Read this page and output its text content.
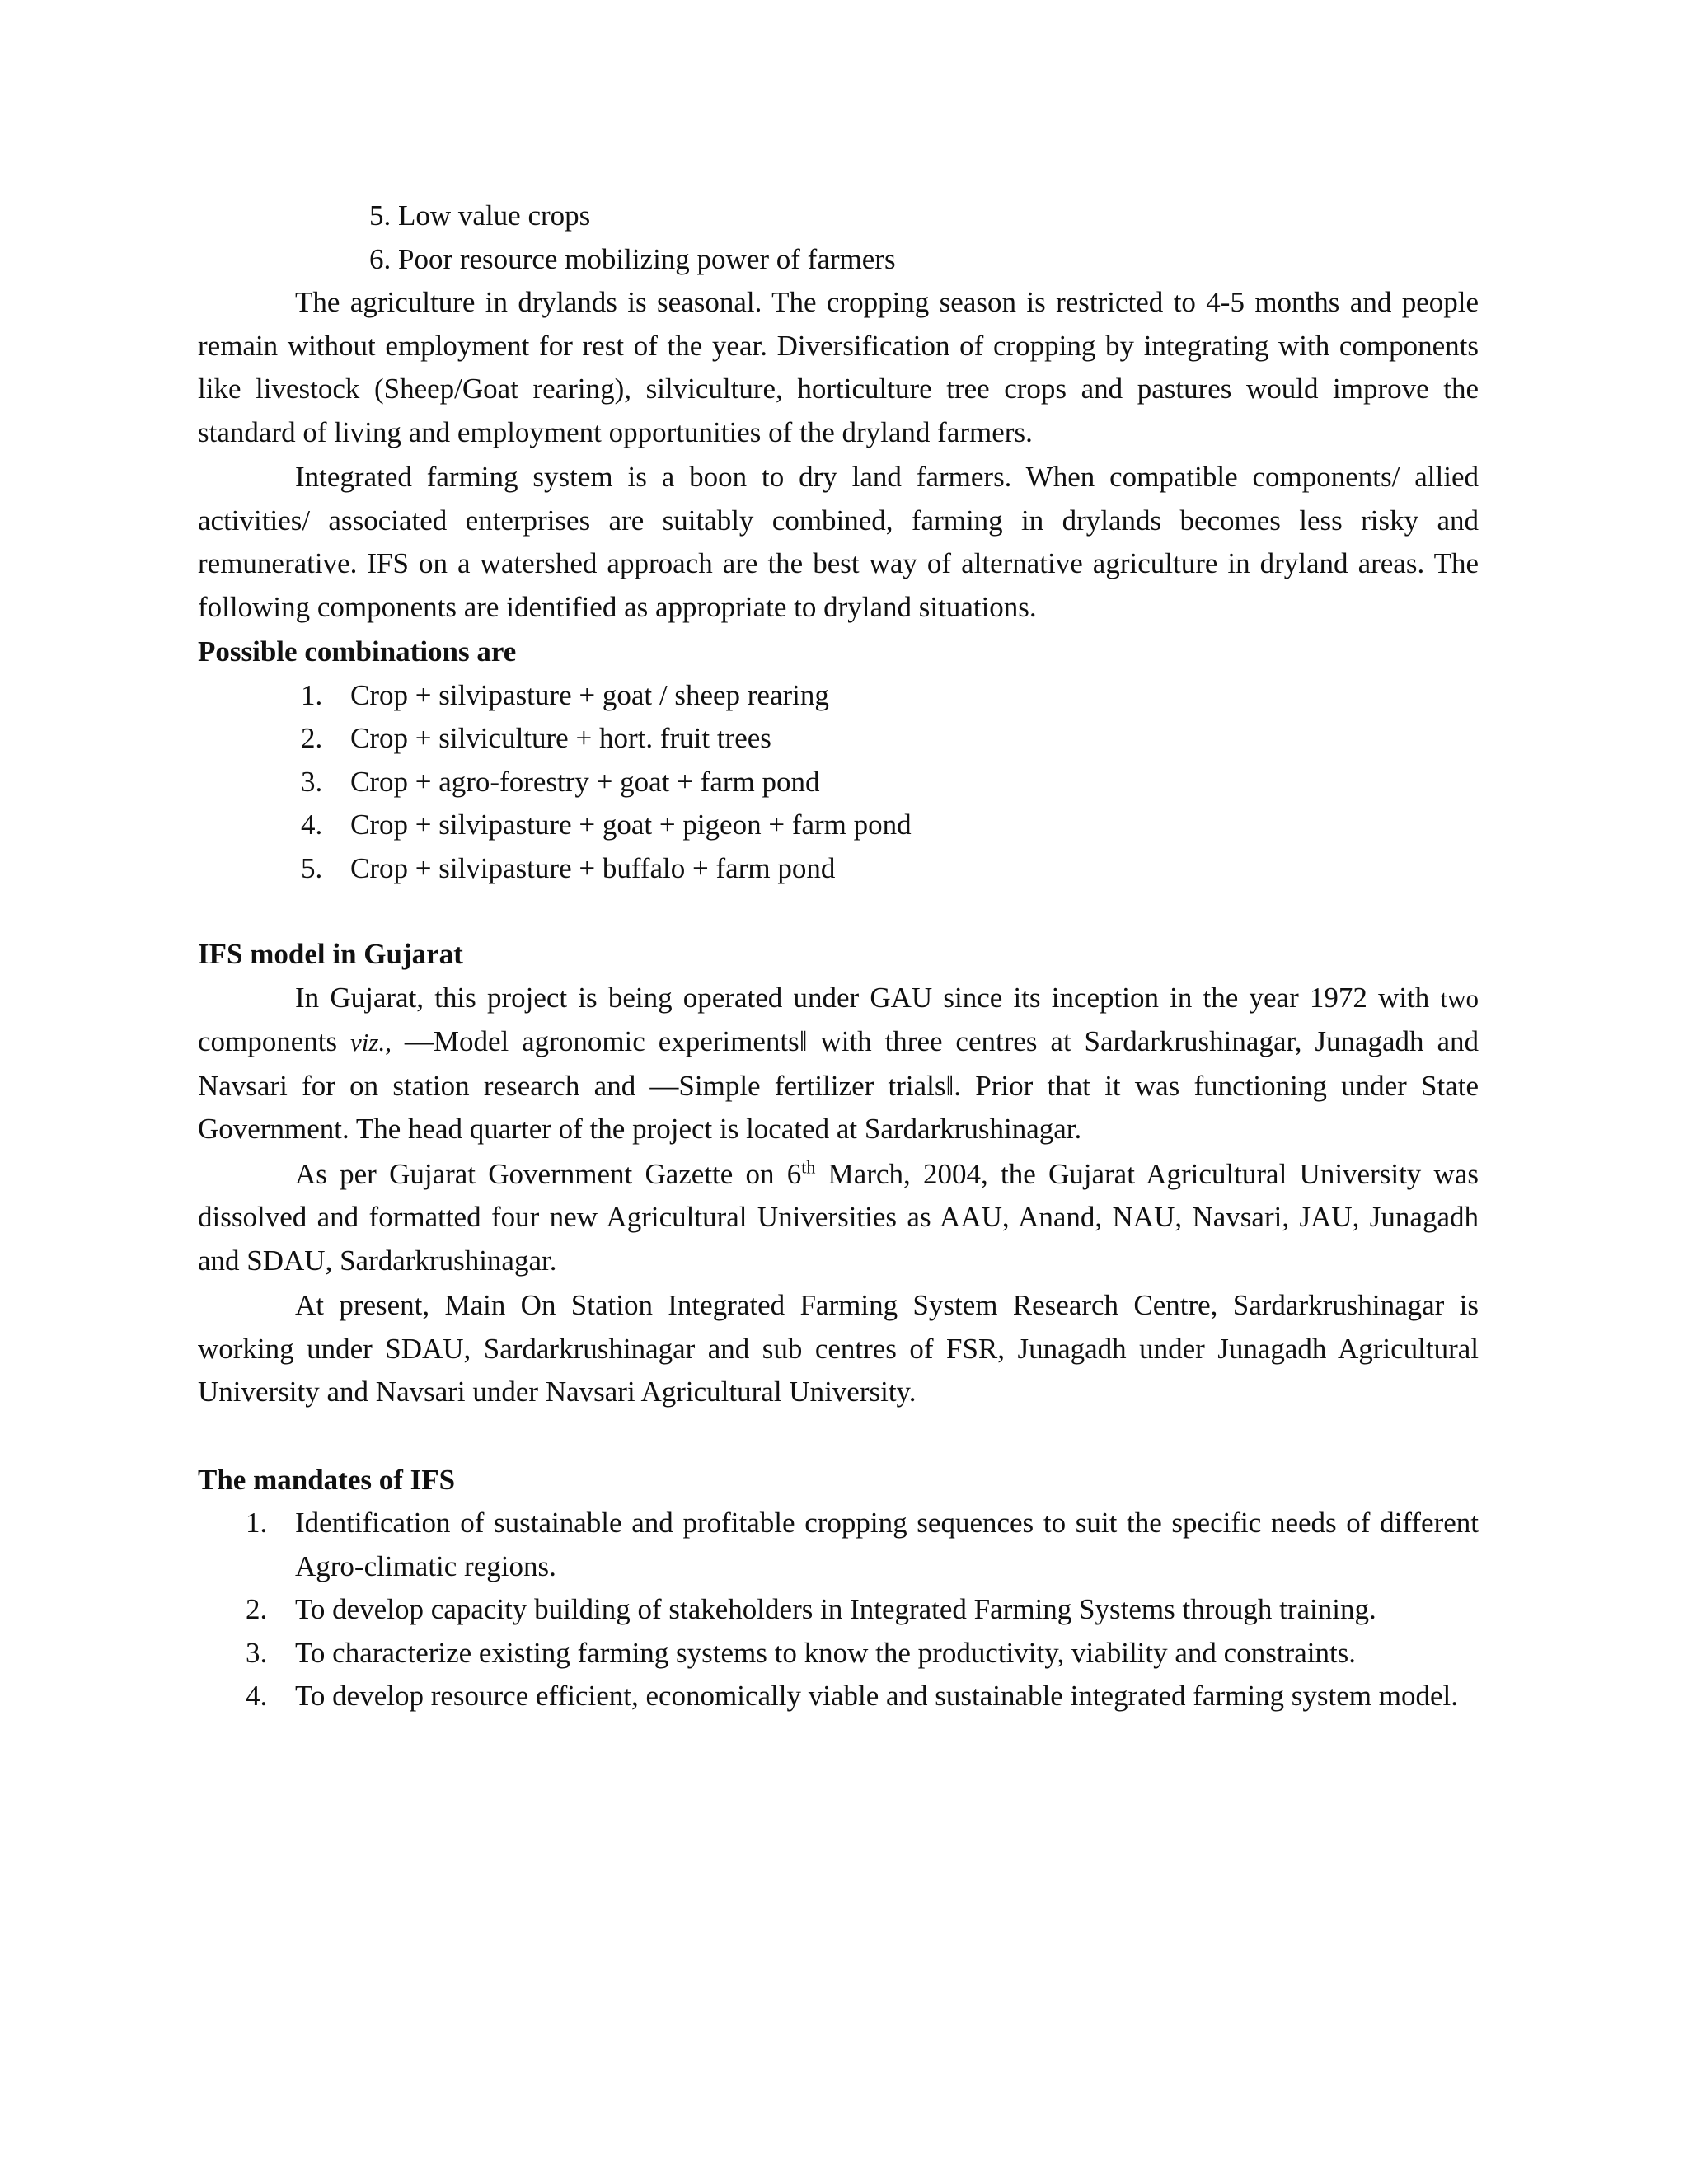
5. Low value crops
6. Poor resource mobilizing power of farmers

The agriculture in drylands is seasonal. The cropping season is restricted to 4-5 months and people remain without employment for rest of the year. Diversification of cropping by integrating with components like livestock (Sheep/Goat rearing), silviculture, horticulture tree crops and pastures would improve the standard of living and employment opportunities of the dryland farmers.

Integrated farming system is a boon to dry land farmers. When compatible components/ allied activities/ associated enterprises are suitably combined, farming in drylands becomes less risky and remunerative. IFS on a watershed approach are the best way of alternative agriculture in dryland areas. The following components are identified as appropriate to dryland situations.

Possible combinations are
1. Crop + silvipasture + goat / sheep rearing
2. Crop + silviculture + hort. fruit trees
3. Crop + agro-forestry + goat + farm pond
4. Crop + silvipasture + goat + pigeon + farm pond
5. Crop + silvipasture + buffalo + farm pond
IFS model in Gujarat

In Gujarat, this project is being operated under GAU since its inception in the year 1972 with two components viz., ―Model agronomic experiments‖ with three centres at Sardarkrushinagar, Junagadh and Navsari for on station research and ―Simple fertilizer trials‖. Prior that it was functioning under State Government. The head quarter of the project is located at Sardarkrushinagar.

As per Gujarat Government Gazette on 6th March, 2004, the Gujarat Agricultural University was dissolved and formatted four new Agricultural Universities as AAU, Anand, NAU, Navsari, JAU, Junagadh and SDAU, Sardarkrushinagar.

At present, Main On Station Integrated Farming System Research Centre, Sardarkrushinagar is working under SDAU, Sardarkrushinagar and sub centres of FSR, Junagadh under Junagadh Agricultural University and Navsari under Navsari Agricultural University.

The mandates of IFS
1. Identification of sustainable and profitable cropping sequences to suit the specific needs of different Agro-climatic regions.
2. To develop capacity building of stakeholders in Integrated Farming Systems through training.
3. To characterize existing farming systems to know the productivity, viability and constraints.
4. To develop resource efficient, economically viable and sustainable integrated farming system model.
